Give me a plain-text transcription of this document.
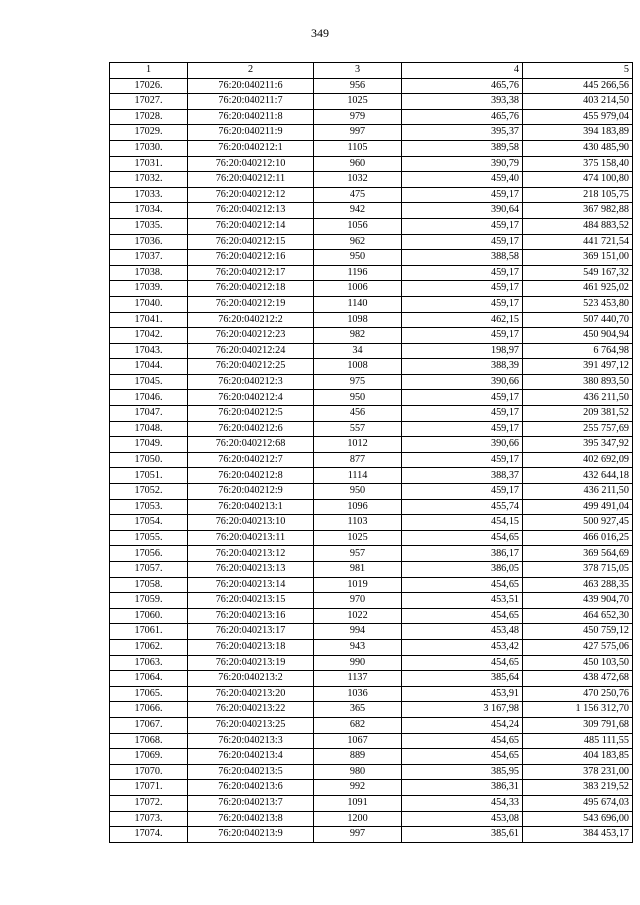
349
1	2	3	4	5
17026.	76:20:040211:6	956	465,76	445 266,56
17027.	76:20:040211:7	1025	393,38	403 214,50
17028.	76:20:040211:8	979	465,76	455 979,04
17029.	76:20:040211:9	997	395,37	394 183,89
17030.	76:20:040212:1	1105	389,58	430 485,90
17031.	76:20:040212:10	960	390,79	375 158,40
17032.	76:20:040212:11	1032	459,40	474 100,80
17033.	76:20:040212:12	475	459,17	218 105,75
17034.	76:20:040212:13	942	390,64	367 982,88
17035.	76:20:040212:14	1056	459,17	484 883,52
17036.	76:20:040212:15	962	459,17	441 721,54
17037.	76:20:040212:16	950	388,58	369 151,00
17038.	76:20:040212:17	1196	459,17	549 167,32
17039.	76:20:040212:18	1006	459,17	461 925,02
17040.	76:20:040212:19	1140	459,17	523 453,80
17041.	76:20:040212:2	1098	462,15	507 440,70
17042.	76:20:040212:23	982	459,17	450 904,94
17043.	76:20:040212:24	34	198,97	6 764,98
17044.	76:20:040212:25	1008	388,39	391 497,12
17045.	76:20:040212:3	975	390,66	380 893,50
17046.	76:20:040212:4	950	459,17	436 211,50
17047.	76:20:040212:5	456	459,17	209 381,52
17048.	76:20:040212:6	557	459,17	255 757,69
17049.	76:20:040212:68	1012	390,66	395 347,92
17050.	76:20:040212:7	877	459,17	402 692,09
17051.	76:20:040212:8	1114	388,37	432 644,18
17052.	76:20:040212:9	950	459,17	436 211,50
17053.	76:20:040213:1	1096	455,74	499 491,04
17054.	76:20:040213:10	1103	454,15	500 927,45
17055.	76:20:040213:11	1025	454,65	466 016,25
17056.	76:20:040213:12	957	386,17	369 564,69
17057.	76:20:040213:13	981	386,05	378 715,05
17058.	76:20:040213:14	1019	454,65	463 288,35
17059.	76:20:040213:15	970	453,51	439 904,70
17060.	76:20:040213:16	1022	454,65	464 652,30
17061.	76:20:040213:17	994	453,48	450 759,12
17062.	76:20:040213:18	943	453,42	427 575,06
17063.	76:20:040213:19	990	454,65	450 103,50
17064.	76:20:040213:2	1137	385,64	438 472,68
17065.	76:20:040213:20	1036	453,91	470 250,76
17066.	76:20:040213:22	365	3 167,98	1 156 312,70
17067.	76:20:040213:25	682	454,24	309 791,68
17068.	76:20:040213:3	1067	454,65	485 111,55
17069.	76:20:040213:4	889	454,65	404 183,85
17070.	76:20:040213:5	980	385,95	378 231,00
17071.	76:20:040213:6	992	386,31	383 219,52
17072.	76:20:040213:7	1091	454,33	495 674,03
17073.	76:20:040213:8	1200	453,08	543 696,00
17074.	76:20:040213:9	997	385,61	384 453,17
